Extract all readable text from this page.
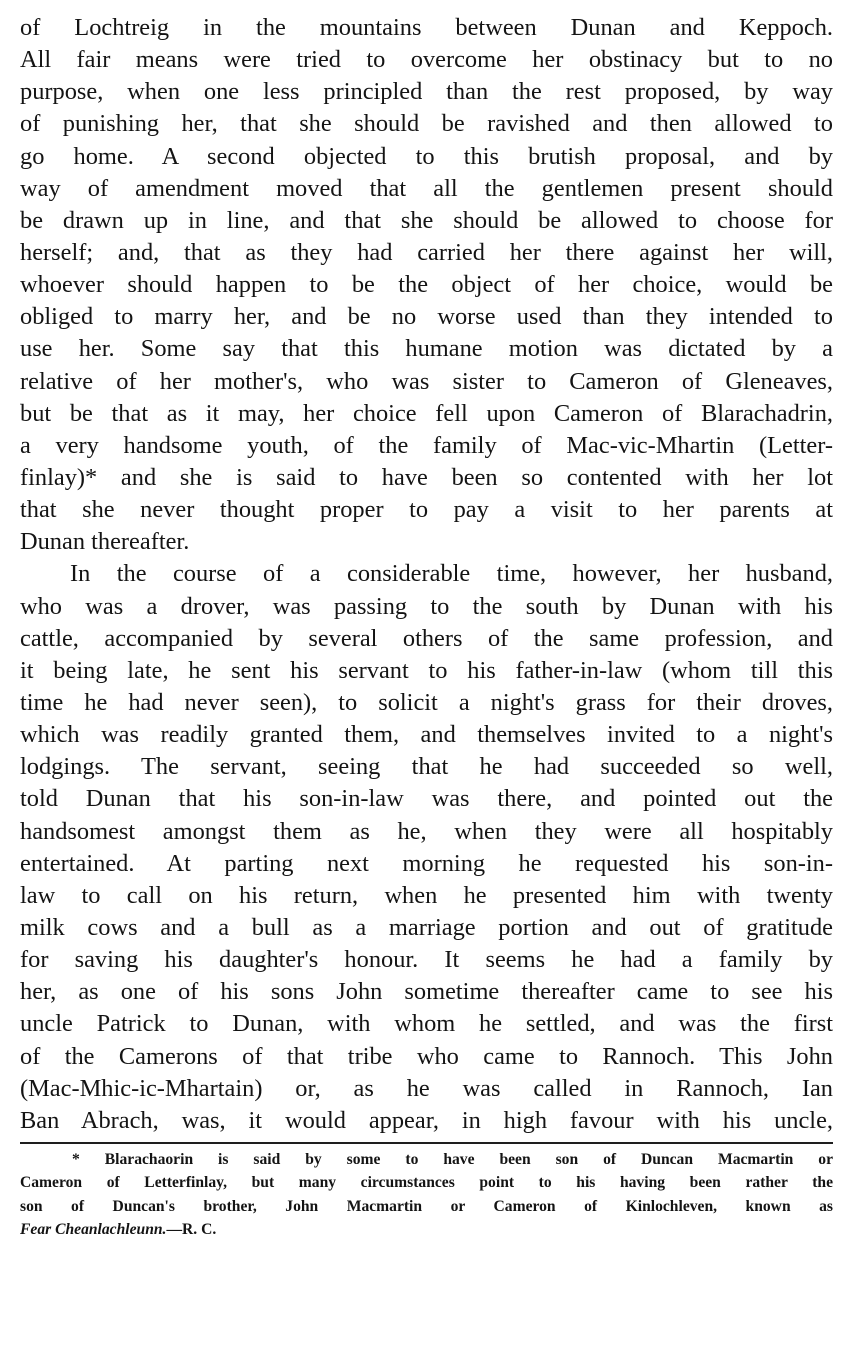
of Lochtreig in the mountains between Dunan and Keppoch.
All fair means were tried to overcome her obstinacy but to no
purpose, when one less principled than the rest proposed, by way
of punishing her, that she should be ravished and then allowed to
go home. A second objected to this brutish proposal, and by
way of amendment moved that all the gentlemen present should
be drawn up in line, and that she should be allowed to choose for
herself; and, that as they had carried her there against her will,
whoever should happen to be the object of her choice, would be
obliged to marry her, and be no worse used than they intended to
use her. Some say that this humane motion was dictated by a
relative of her mother's, who was sister to Cameron of Gleneaves,
but be that as it may, her choice fell upon Cameron of Blarachadrin,
a very handsome youth, of the family of Mac-vic-Mhartin (Letter-
finlay)* and she is said to have been so contented with her lot
that she never thought proper to pay a visit to her parents at
Dunan thereafter.
In the course of a considerable time, however, her husband,
who was a drover, was passing to the south by Dunan with his
cattle, accompanied by several others of the same profession, and
it being late, he sent his servant to his father-in-law (whom till this
time he had never seen), to solicit a night's grass for their droves,
which was readily granted them, and themselves invited to a night's
lodgings. The servant, seeing that he had succeeded so well,
told Dunan that his son-in-law was there, and pointed out the
handsomest amongst them as he, when they were all hospitably
entertained. At parting next morning he requested his son-in-
law to call on his return, when he presented him with twenty
milk cows and a bull as a marriage portion and out of gratitude
for saving his daughter's honour. It seems he had a family by
her, as one of his sons John sometime thereafter came to see his
uncle Patrick to Dunan, with whom he settled, and was the first
of the Camerons of that tribe who came to Rannoch. This John
(Mac-Mhic-ic-Mhartain) or, as he was called in Rannoch, Ian
Ban Abrach, was, it would appear, in high favour with his uncle,
* Blarachaorin is said by some to have been son of Duncan Macmartin or
Cameron of Letterfinlay, but many circumstances point to his having been rather the
son of Duncan's brother, John Macmartin or Cameron of Kinlochleven, known as
Fear Cheanlachleunn.—R. C.
